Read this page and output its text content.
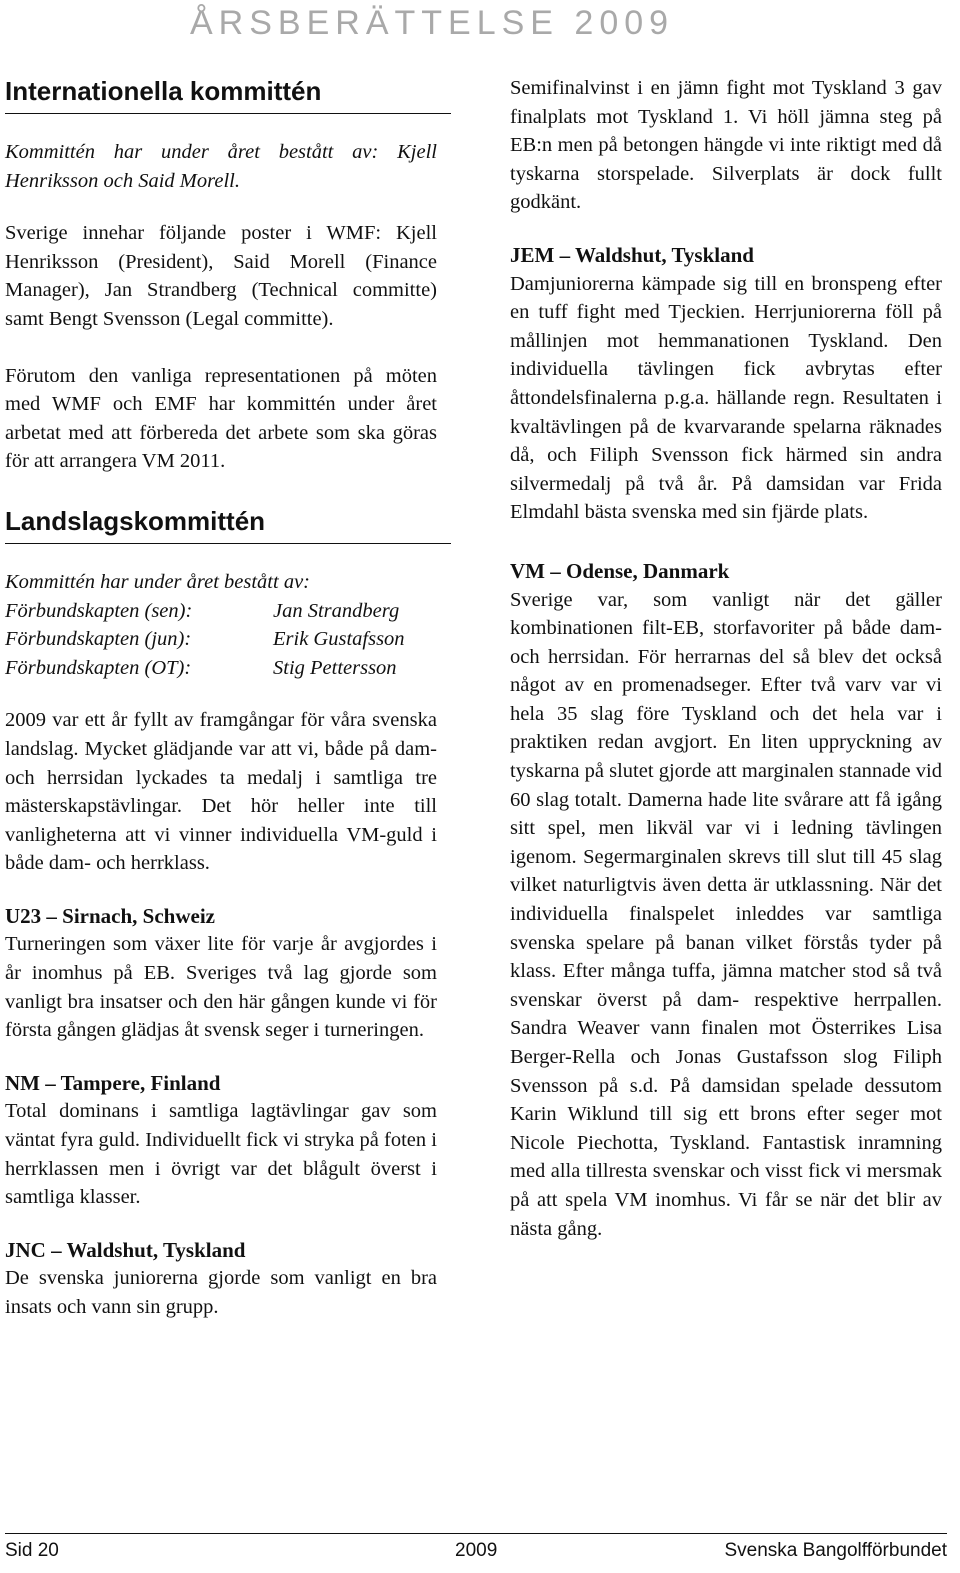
ÅRSBERÄTTELSE 2009
Internationella kommittén

Kommittén har under året bestått av: Kjell Henriksson och Said Morell.

Sverige innehar följande poster i WMF: Kjell Henriksson (President), Said Morell (Finance Manager), Jan Strandberg (Technical committe) samt Bengt Svensson (Legal committe).

Förutom den vanliga representationen på möten med WMF och EMF har kommittén under året arbetat med att förbereda det arbete som ska göras för att arrangera VM 2011.

Landslagskommittén

Kommittén har under året bestått av:

Förbundskapten (sen):	Jan Strandberg
Förbundskapten (jun):	Erik Gustafsson
Förbundskapten (OT):	Stig Pettersson

2009 var ett år fyllt av framgångar för våra svenska landslag. Mycket glädjande var att vi, både på dam- och herrsidan lyckades ta medalj i samtliga tre mästerskapstävlingar. Det hör heller inte till vanligheterna att vi vinner individuella VM-guld i både dam- och herrklass.

U23 – Sirnach, Schweiz

Turneringen som växer lite för varje år avgjordes i år inomhus på EB. Sveriges två lag gjorde som vanligt bra insatser och den här gången kunde vi för första gången glädjas åt svensk seger i turneringen.

NM – Tampere, Finland

Total dominans i samtliga lagtävlingar gav som väntat fyra guld. Individuellt fick vi stryka på foten i herrklassen men i övrigt var det blågult överst i samtliga klasser.

JNC – Waldshut, Tyskland

De svenska juniorerna gjorde som vanligt en bra insats och vann sin grupp.

Semifinalvinst i en jämn fight mot Tyskland 3 gav finalplats mot Tyskland 1. Vi höll jämna steg på EB:n men på betongen hängde vi inte riktigt med då tyskarna storspelade. Silverplats är dock fullt godkänt.

JEM – Waldshut, Tyskland

Damjuniorerna kämpade sig till en bronspeng efter en tuff fight med Tjeckien. Herrjuniorerna föll på mållinjen mot hemmanationen Tyskland. Den individuella tävlingen fick avbrytas efter åttondelsfinalerna p.g.a. hällande regn. Resultaten i kvaltävlingen på de kvarvarande spelarna räknades då, och Filiph Svensson fick härmed sin andra silvermedalj på två år. På damsidan var Frida Elmdahl bästa svenska med sin fjärde plats.

VM – Odense, Danmark

Sverige var, som vanligt när det gäller kombinationen filt-EB, storfavoriter på både dam- och herrsidan. För herrarnas del så blev det också något av en promenadseger. Efter två varv var vi hela 35 slag före Tyskland och det hela var i praktiken redan avgjort. En liten uppryckning av tyskarna på slutet gjorde att marginalen stannade vid 60 slag totalt. Damerna hade lite svårare att få igång sitt spel, men likväl var vi i ledning tävlingen igenom. Segermarginalen skrevs till slut till 45 slag vilket naturligtvis även detta är utklassning. När det individuella finalspelet inleddes var samtliga svenska spelare på banan vilket förstås tyder på klass. Efter många tuffa, jämna matcher stod så två svenskar överst på dam- respektive herrpallen. Sandra Weaver vann finalen mot Österrikes Lisa Berger-Rella och Jonas Gustafsson slog Filiph Svensson på s.d. På damsidan spelade dessutom Karin Wiklund till sig ett brons efter seger mot Nicole Piechotta, Tyskland. Fantastisk inramning med alla tillresta svenskar och visst fick vi mersmak på att spela VM inomhus. Vi får se när det blir av nästa gång.

Sid 20	2009	Svenska Bangolfförbundet
